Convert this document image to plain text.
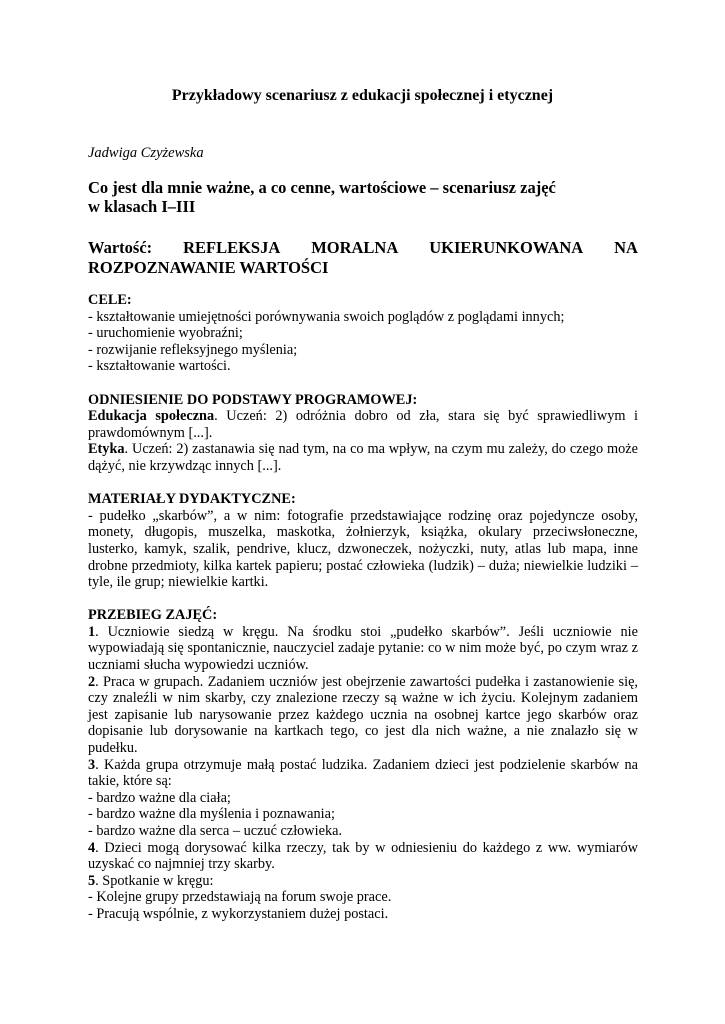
Przykładowy scenariusz z edukacji społecznej i etycznej
Jadwiga Czyżewska
Co jest dla mnie ważne, a co cenne, wartościowe – scenariusz zajęć
w klasach I–III
Wartość: REFLEKSJA MORALNA UKIERUNKOWANA NA
ROZPOZNAWANIE WARTOŚCI

CELE:

- kształtowanie umiejętności porównywania swoich poglądów z poglądami innych;

- uruchomienie wyobraźni;

- rozwijanie refleksyjnego myślenia;

- kształtowanie wartości.

ODNIESIENIE DO PODSTAWY PROGRAMOWEJ:

Edukacja społeczna. Uczeń: 2) odróżnia dobro od zła, stara się być sprawiedliwym i prawdomównym [...].

Etyka. Uczeń: 2) zastanawia się nad tym, na co ma wpływ, na czym mu zależy, do czego może dążyć, nie krzywdząc innych [...].

MATERIAŁY DYDAKTYCZNE:

- pudełko „skarbów”, a w nim: fotografie przedstawiające rodzinę oraz pojedyncze osoby, monety, długopis, muszelka, maskotka, żołnierzyk, książka, okulary przeciwsłoneczne, lusterko, kamyk, szalik, pendrive, klucz, dzwoneczek, nożyczki, nuty, atlas lub mapa, inne drobne przedmioty, kilka kartek papieru; postać człowieka (ludzik) – duża; niewielkie ludziki – tyle, ile grup; niewielkie kartki.

PRZEBIEG ZAJĘĆ:

1. Uczniowie siedzą w kręgu. Na środku stoi „pudełko skarbów”. Jeśli uczniowie nie wypowiadają się spontanicznie, nauczyciel zadaje pytanie: co w nim może być, po czym wraz z uczniami słucha wypowiedzi uczniów.

2. Praca w grupach. Zadaniem uczniów jest obejrzenie zawartości pudełka i zastanowienie się, czy znaleźli w nim skarby, czy znalezione rzeczy są ważne w ich życiu. Kolejnym zadaniem jest zapisanie lub narysowanie przez każdego ucznia na osobnej kartce jego skarbów oraz dopisanie lub dorysowanie na kartkach tego, co jest dla nich ważne, a nie znalazło się w pudełku.

3. Każda grupa otrzymuje małą postać ludzika. Zadaniem dzieci jest podzielenie skarbów na takie, które są:

- bardzo ważne dla ciała;

- bardzo ważne dla myślenia i poznawania;

- bardzo ważne dla serca – uczuć człowieka.

4. Dzieci mogą dorysować kilka rzeczy, tak by w odniesieniu do każdego z ww. wymiarów uzyskać co najmniej trzy skarby.

5. Spotkanie w kręgu:

- Kolejne grupy przedstawiają na forum swoje prace.

- Pracują wspólnie, z wykorzystaniem dużej postaci.
